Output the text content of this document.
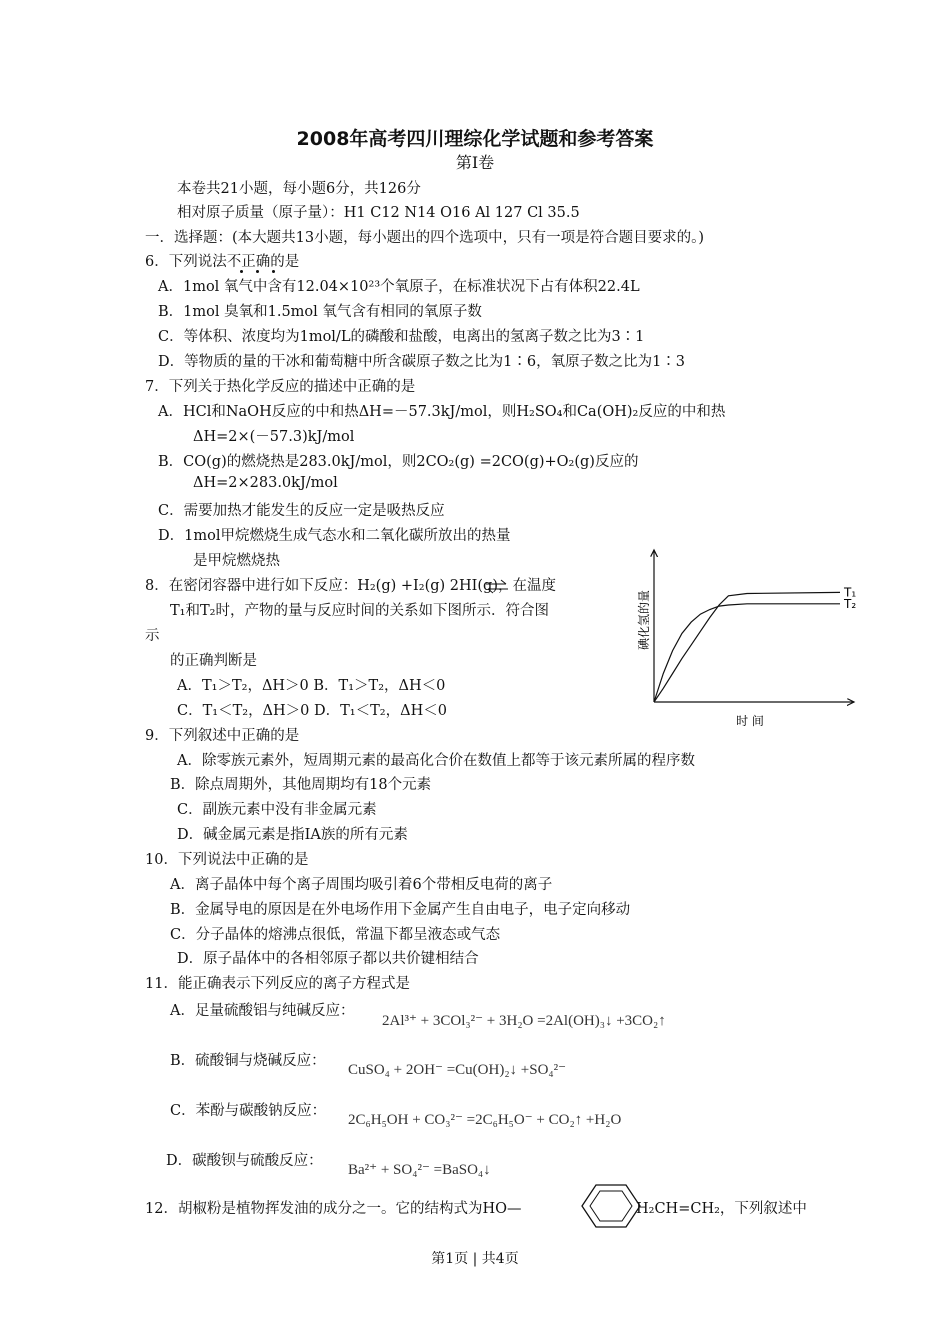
2008年高考四川理综化学试题和参考答案
第Ⅰ卷
本卷共21小题，每小题6分，共126分
相对原子质量（原子量）：H1 C12 N14 O16 Al 127 Cl 35.5
一．选择题：(本大题共13小题，每小题出的四个选项中，只有一项是符合题目要求的。)
6．下列说法不正确的是
A．1mol 氧气中含有12.04×10²³个氧原子，在标准状况下占有体积22.4L
B．1mol 臭氧和1.5mol 氧气含有相同的氧原子数
C．等体积、浓度均为1mol/L的磷酸和盐酸，电离出的氢离子数之比为3∶1
D．等物质的量的干冰和葡萄糖中所含碳原子数之比为1∶6，氧原子数之比为1∶3
7．下列关于热化学反应的描述中正确的是
A．HCl和NaOH反应的中和热ΔH=－57.3kJ/mol，则H₂SO₄和Ca(OH)₂反应的中和热
ΔH=2×(－57.3)kJ/mol
B．CO(g)的燃烧热是283.0kJ/mol，则2CO₂(g) =2CO(g)+O₂(g)反应的
ΔH=2×283.0kJ/mol
C．需要加热才能发生的反应一定是吸热反应
D．1mol甲烷燃烧生成气态水和二氧化碳所放出的热量
是甲烷燃烧热
8．在密闭容器中进行如下反应：H₂(g) +I₂(g) 2HI(g)，在温度
T₁和T₂时，产物的量与反应时间的关系如下图所示．符合图
示
的正确判断是
A．T₁＞T₂，ΔH＞0 B．T₁＞T₂，ΔH＜0
C．T₁＜T₂，ΔH＞0 D．T₁＜T₂，ΔH＜0
碘化氢的量
时 间
T₁
T₂
9．下列叙述中正确的是
A．除零族元素外，短周期元素的最高化合价在数值上都等于该元素所属的程序数
B．除点周期外，其他周期均有18个元素
C．副族元素中没有非金属元素
D．碱金属元素是指ⅠA族的所有元素
10．下列说法中正确的是
A．离子晶体中每个离子周围均吸引着6个带相反电荷的离子
B．金属导电的原因是在外电场作用下金属产生自由电子，电子定向移动
C．分子晶体的熔沸点很低，常温下都呈液态或气态
D．原子晶体中的各相邻原子都以共价键相结合
11．能正确表示下列反应的离子方程式是
A．足量硫酸铝与纯碱反应：
2Al³⁺ + 3COl₃²⁻ + 3H₂O =2Al(OH)₃↓ +3CO₂↑
B．硫酸铜与烧碱反应：
CuSO₄ + 2OH⁻ =Cu(OH)₂↓ +SO₄²⁻
C．苯酚与碳酸钠反应：
2C₆H₅OH + CO₃²⁻ =2C₆H₅O⁻ + CO₂↑ +H₂O
D．碳酸钡与硫酸反应：
Ba²⁺ + SO₄²⁻ =BaSO₄↓
12．胡椒粉是植物挥发油的成分之一。它的结构式为HO—	H₂CH=CH₂，下列叙述中
第1页 | 共4页
